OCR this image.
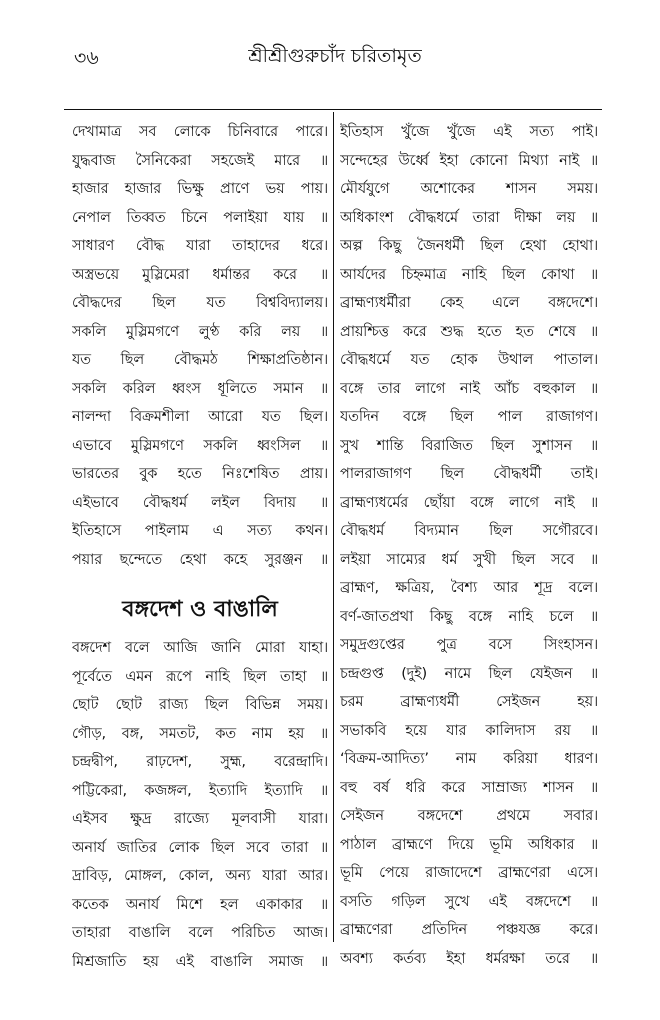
৩৬	শ্রীশ্রীগুরুচাঁদ চরিতামৃত
দেখামাত্র সব লোকে চিনিবারে পারে।
যুদ্ধবাজ সৈনিকেরা সহজেই মারে ॥
হাজার হাজার ভিক্ষু প্রাণে ভয় পায়।
নেপাল তিব্বত চিনে পলাইয়া যায় ॥
সাধারণ বৌদ্ধ যারা তাহাদের ধরে।
অস্ত্রভয়ে মুস্লিমেরা ধর্মান্তর করে ॥
বৌদ্ধদের ছিল যত বিশ্ববিদ্যালয়।
সকলি মুস্লিমগণে লুণ্ঠ করি লয় ॥
যত ছিল বৌদ্ধমঠ শিক্ষাপ্রতিষ্ঠান।
সকলি করিল ধ্বংস ধূলিতে সমান ॥
নালন্দা বিক্রমশীলা আরো যত ছিল।
এভাবে মুস্লিমগণে সকলি ধ্বংসিল ॥
ভারতের বুক হতে নিঃশেষিত প্রায়।
এইভাবে বৌদ্ধধর্ম লইল বিদায় ॥
ইতিহাসে পাইলাম এ সত্য কথন।
পয়ার ছন্দেতে হেথা কহে সুরঞ্জন ॥
বঙ্গদেশ ও বাঙালি
বঙ্গদেশ বলে আজি জানি মোরা যাহা।
পূর্বেতে এমন রূপে নাহি ছিল তাহা ॥
ছোট ছোট রাজ্য ছিল বিভিন্ন সময়।
গৌড়, বঙ্গ, সমতট, কত নাম হয় ॥
চন্দ্রদ্বীপ, রাঢ়দেশ, সুহ্ম, বরেন্দ্রাদি।
পট্টিকেরা, কজঙ্গল, ইত্যাদি ইত্যাদি ॥
এইসব ক্ষুদ্র রাজ্যে মূলবাসী যারা।
অনার্য জাতির লোক ছিল সবে তারা ॥
দ্রাবিড়, মোঙ্গল, কোল, অন্য যারা আর।
কতেক অনার্য মিশে হল একাকার ॥
তাহারা বাঙালি বলে পরিচিত আজ।
মিশ্রজাতি হয় এই বাঙালি সমাজ ॥
ইতিহাস খুঁজে খুঁজে এই সত্য পাই।
সন্দেহের উর্ধ্বে ইহা কোনো মিথ্যা নাই ॥
মৌর্যযুগে অশোকের শাসন সময়।
অধিকাংশ বৌদ্ধধর্মে তারা দীক্ষা লয় ॥
অল্প কিছু জৈনধর্মী ছিল হেথা হোথা।
আর্যদের চিহ্নমাত্র নাহি ছিল কোথা ॥
ব্রাহ্মণ্যধর্মীরা কেহ এলে বঙ্গদেশে।
প্রায়শ্চিত্ত করে শুদ্ধ হতে হত শেষে ॥
বৌদ্ধধর্মে যত হোক উথাল পাতাল।
বঙ্গে তার লাগে নাই আঁচ বহুকাল ॥
যতদিন বঙ্গে ছিল পাল রাজাগণ।
সুখ শান্তি বিরাজিত ছিল সুশাসন ॥
পালরাজাগণ ছিল বৌদ্ধধর্মী তাই।
ব্রাহ্মণ্যধর্মের ছোঁয়া বঙ্গে লাগে নাই ॥
বৌদ্ধধর্ম বিদ্যমান ছিল সগৌরবে।
লইয়া সাম্যের ধর্ম সুখী ছিল সবে ॥
ব্রাহ্মণ, ক্ষত্রিয়, বৈশ্য আর শূদ্র বলে।
বর্ণ-জাতপ্রথা কিছু বঙ্গে নাহি চলে ॥
সমুদ্রগুপ্তের পুত্র বসে সিংহাসন।
চন্দ্রগুপ্ত (দুই) নামে ছিল যেইজন ॥
চরম ব্রাহ্মণ্যধর্মী সেইজন হয়।
সভাকবি হয়ে যার কালিদাস রয় ॥
‘বিক্রম-আদিত্য’ নাম করিয়া ধারণ।
বহু বর্ষ ধরি করে সাম্রাজ্য শাসন ॥
সেইজন বঙ্গদেশে প্রথমে সবার।
পাঠাল ব্রাহ্মণে দিয়ে ভূমি অধিকার ॥
ভূমি পেয়ে রাজাদেশে ব্রাহ্মণেরা এসে।
বসতি গড়িল সুখে এই বঙ্গদেশে ॥
ব্রাহ্মণেরা প্রতিদিন পঞ্চযজ্ঞ করে।
অবশ্য কর্তব্য ইহা ধর্মরক্ষা তরে ॥
